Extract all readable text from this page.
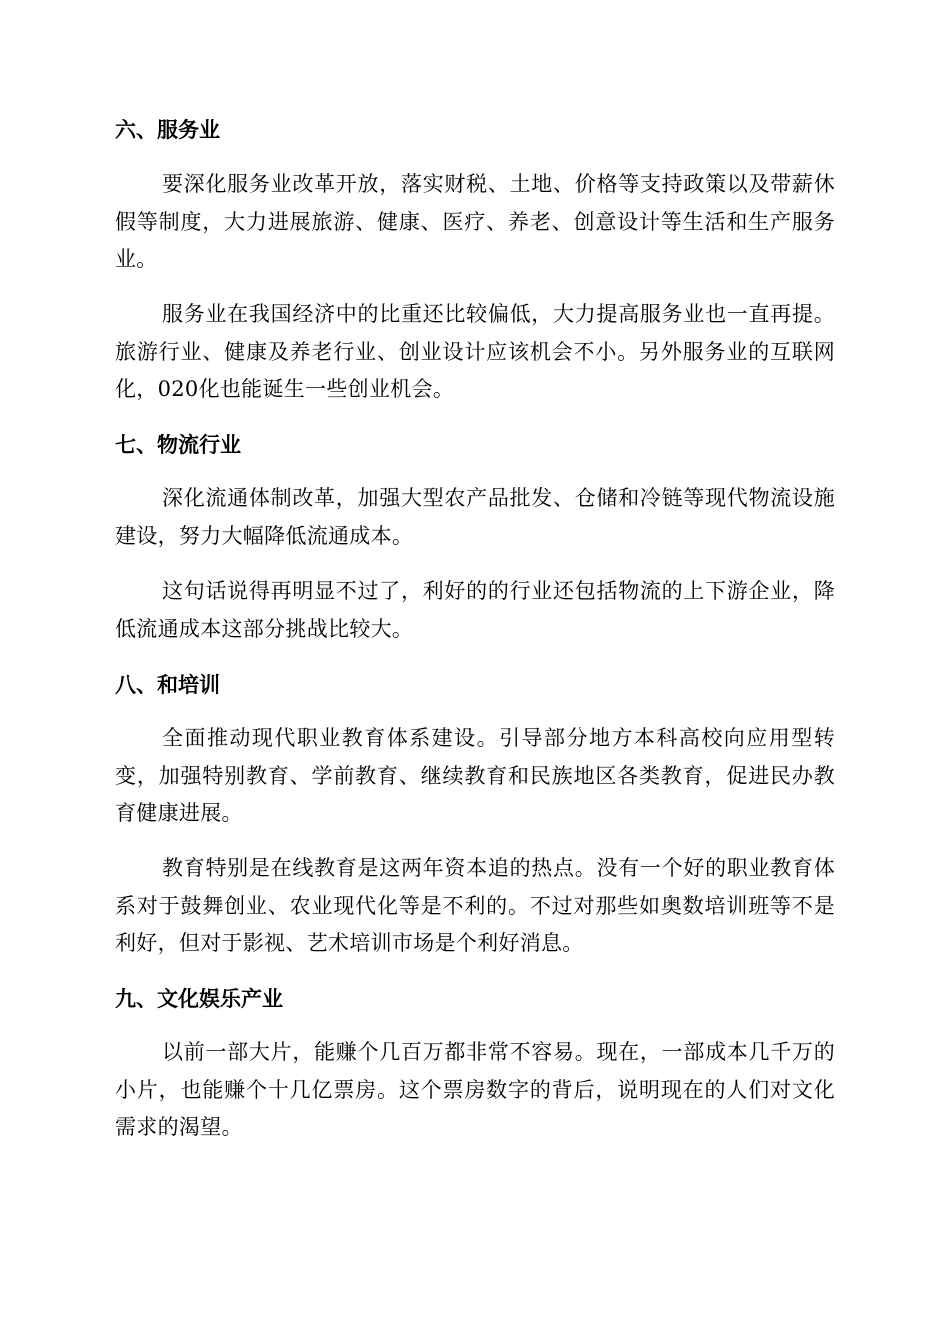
六、服务业

要深化服务业改革开放，落实财税、土地、价格等支持政策以及带薪休假等制度，大力进展旅游、健康、医疗、养老、创意设计等生活和生产服务业。

服务业在我国经济中的比重还比较偏低，大力提高服务业也一直再提。旅游行业、健康及养老行业、创业设计应该机会不小。另外服务业的互联网化，020化也能诞生一些创业机会。

七、物流行业

深化流通体制改革，加强大型农产品批发、仓储和冷链等现代物流设施建设，努力大幅降低流通成本。

这句话说得再明显不过了，利好的的行业还包括物流的上下游企业，降低流通成本这部分挑战比较大。

八、和培训

全面推动现代职业教育体系建设。引导部分地方本科高校向应用型转变，加强特别教育、学前教育、继续教育和民族地区各类教育，促进民办教育健康进展。

教育特别是在线教育是这两年资本追的热点。没有一个好的职业教育体系对于鼓舞创业、农业现代化等是不利的。不过对那些如奥数培训班等不是利好，但对于影视、艺术培训市场是个利好消息。

九、文化娱乐产业

以前一部大片，能赚个几百万都非常不容易。现在，一部成本几千万的小片，也能赚个十几亿票房。这个票房数字的背后，说明现在的人们对文化需求的渴望。
